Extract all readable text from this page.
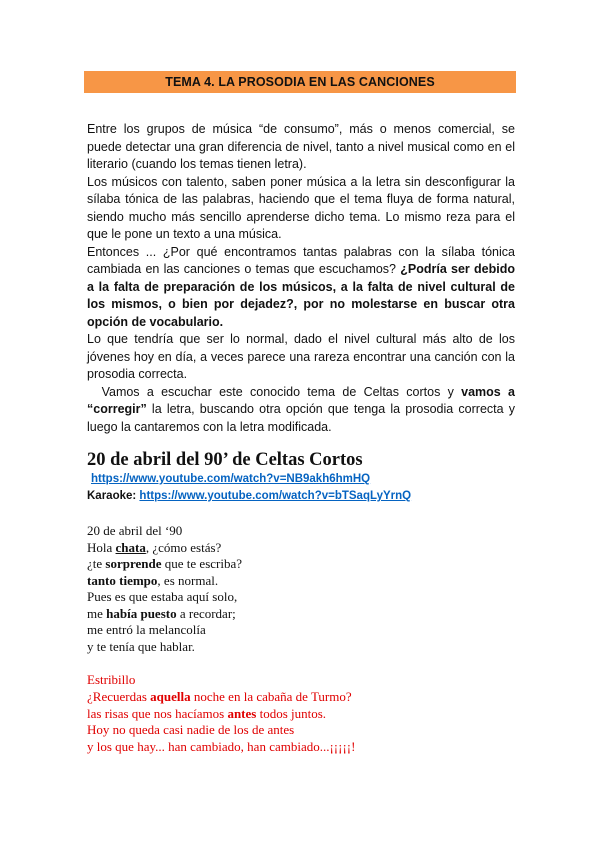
TEMA 4. LA PROSODIA EN LAS CANCIONES

Entre los grupos de música “de consumo”, más o menos comercial, se puede detectar una gran diferencia de nivel, tanto a nivel musical como en el literario (cuando los temas tienen letra).

Los músicos con talento, saben poner música a la letra sin desconfigurar la sílaba tónica de las palabras, haciendo que el tema fluya de forma natural, siendo mucho más sencillo aprenderse dicho tema. Lo mismo reza para el que le pone un texto a una música.

Entonces ... ¿Por qué encontramos tantas palabras con la sílaba tónica cambiada en las canciones o temas que escuchamos? ¿Podría ser debido a la falta de preparación de los músicos, a la falta de nivel cultural de los mismos, o bien por dejadez?, por no molestarse en buscar otra opción de vocabulario.

Lo que tendría que ser lo normal, dado el nivel cultural más alto de los jóvenes hoy en día, a veces parece una rareza encontrar una canción con la prosodia correcta.

Vamos a escuchar este conocido tema de Celtas cortos y vamos a “corregir” la letra, buscando otra opción que tenga la prosodia correcta y luego la cantaremos con la letra modificada.

20 de abril del 90’ de Celtas Cortos
https://www.youtube.com/watch?v=NB9akh6hmHQ
Karaoke: https://www.youtube.com/watch?v=bTSaqLyYrnQ
20 de abril del ‘90
Hola chata, ¿cómo estás?
¿te sorprende que te escriba?
tanto tiempo, es normal.
Pues es que estaba aquí solo,
me había puesto a recordar;
me entró la melancolía
y te tenía que hablar.
Estribillo
¿Recuerdas aquella noche en la cabaña de Turmo?
las risas que nos hacíamos antes todos juntos.
Hoy no queda casi nadie de los de antes
y los que hay... han cambiado, han cambiado...¡¡¡¡¡!
